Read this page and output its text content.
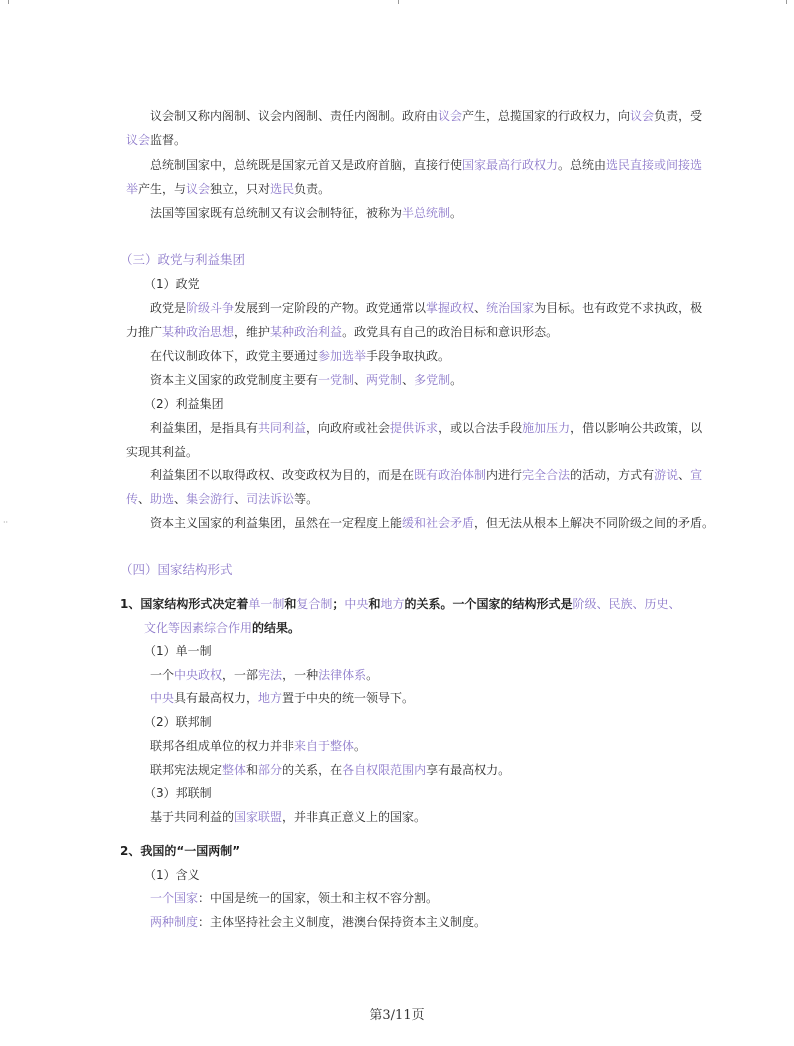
··
议会制又称内阁制、议会内阁制、责任内阁制。政府由议会产生，总揽国家的行政权力，向议会负责，受
议会监督。
总统制国家中，总统既是国家元首又是政府首脑，直接行使国家最高行政权力。总统由选民直接或间接选
举产生，与议会独立，只对选民负责。
法国等国家既有总统制又有议会制特征，被称为半总统制。
（三）政党与利益集团
（1）政党
政党是阶级斗争发展到一定阶段的产物。政党通常以掌握政权、统治国家为目标。也有政党不求执政，极
力推广某种政治思想，维护某种政治利益。政党具有自己的政治目标和意识形态。
在代议制政体下，政党主要通过参加选举手段争取执政。
资本主义国家的政党制度主要有一党制、两党制、多党制。
（2）利益集团
利益集团，是指具有共同利益，向政府或社会提供诉求，或以合法手段施加压力，借以影响公共政策，以
实现其利益。
利益集团不以取得政权、改变政权为目的，而是在既有政治体制内进行完全合法的活动，方式有游说、宣
传、助选、集会游行、司法诉讼等。
资本主义国家的利益集团，虽然在一定程度上能缓和社会矛盾，但无法从根本上解决不同阶级之间的矛盾。
（四）国家结构形式
1、国家结构形式决定着单一制和复合制；中央和地方的关系。一个国家的结构形式是阶级、民族、历史、
文化等因素综合作用的结果。
（1）单一制
一个中央政权，一部宪法，一种法律体系。
中央具有最高权力，地方置于中央的统一领导下。
（2）联邦制
联邦各组成单位的权力并非来自于整体。
联邦宪法规定整体和部分的关系，在各自权限范围内享有最高权力。
（3）邦联制
基于共同利益的国家联盟，并非真正意义上的国家。
2、我国的“一国两制”
（1）含义
一个国家：中国是统一的国家，领土和主权不容分割。
两种制度：主体坚持社会主义制度，港澳台保持资本主义制度。
第3/11页
